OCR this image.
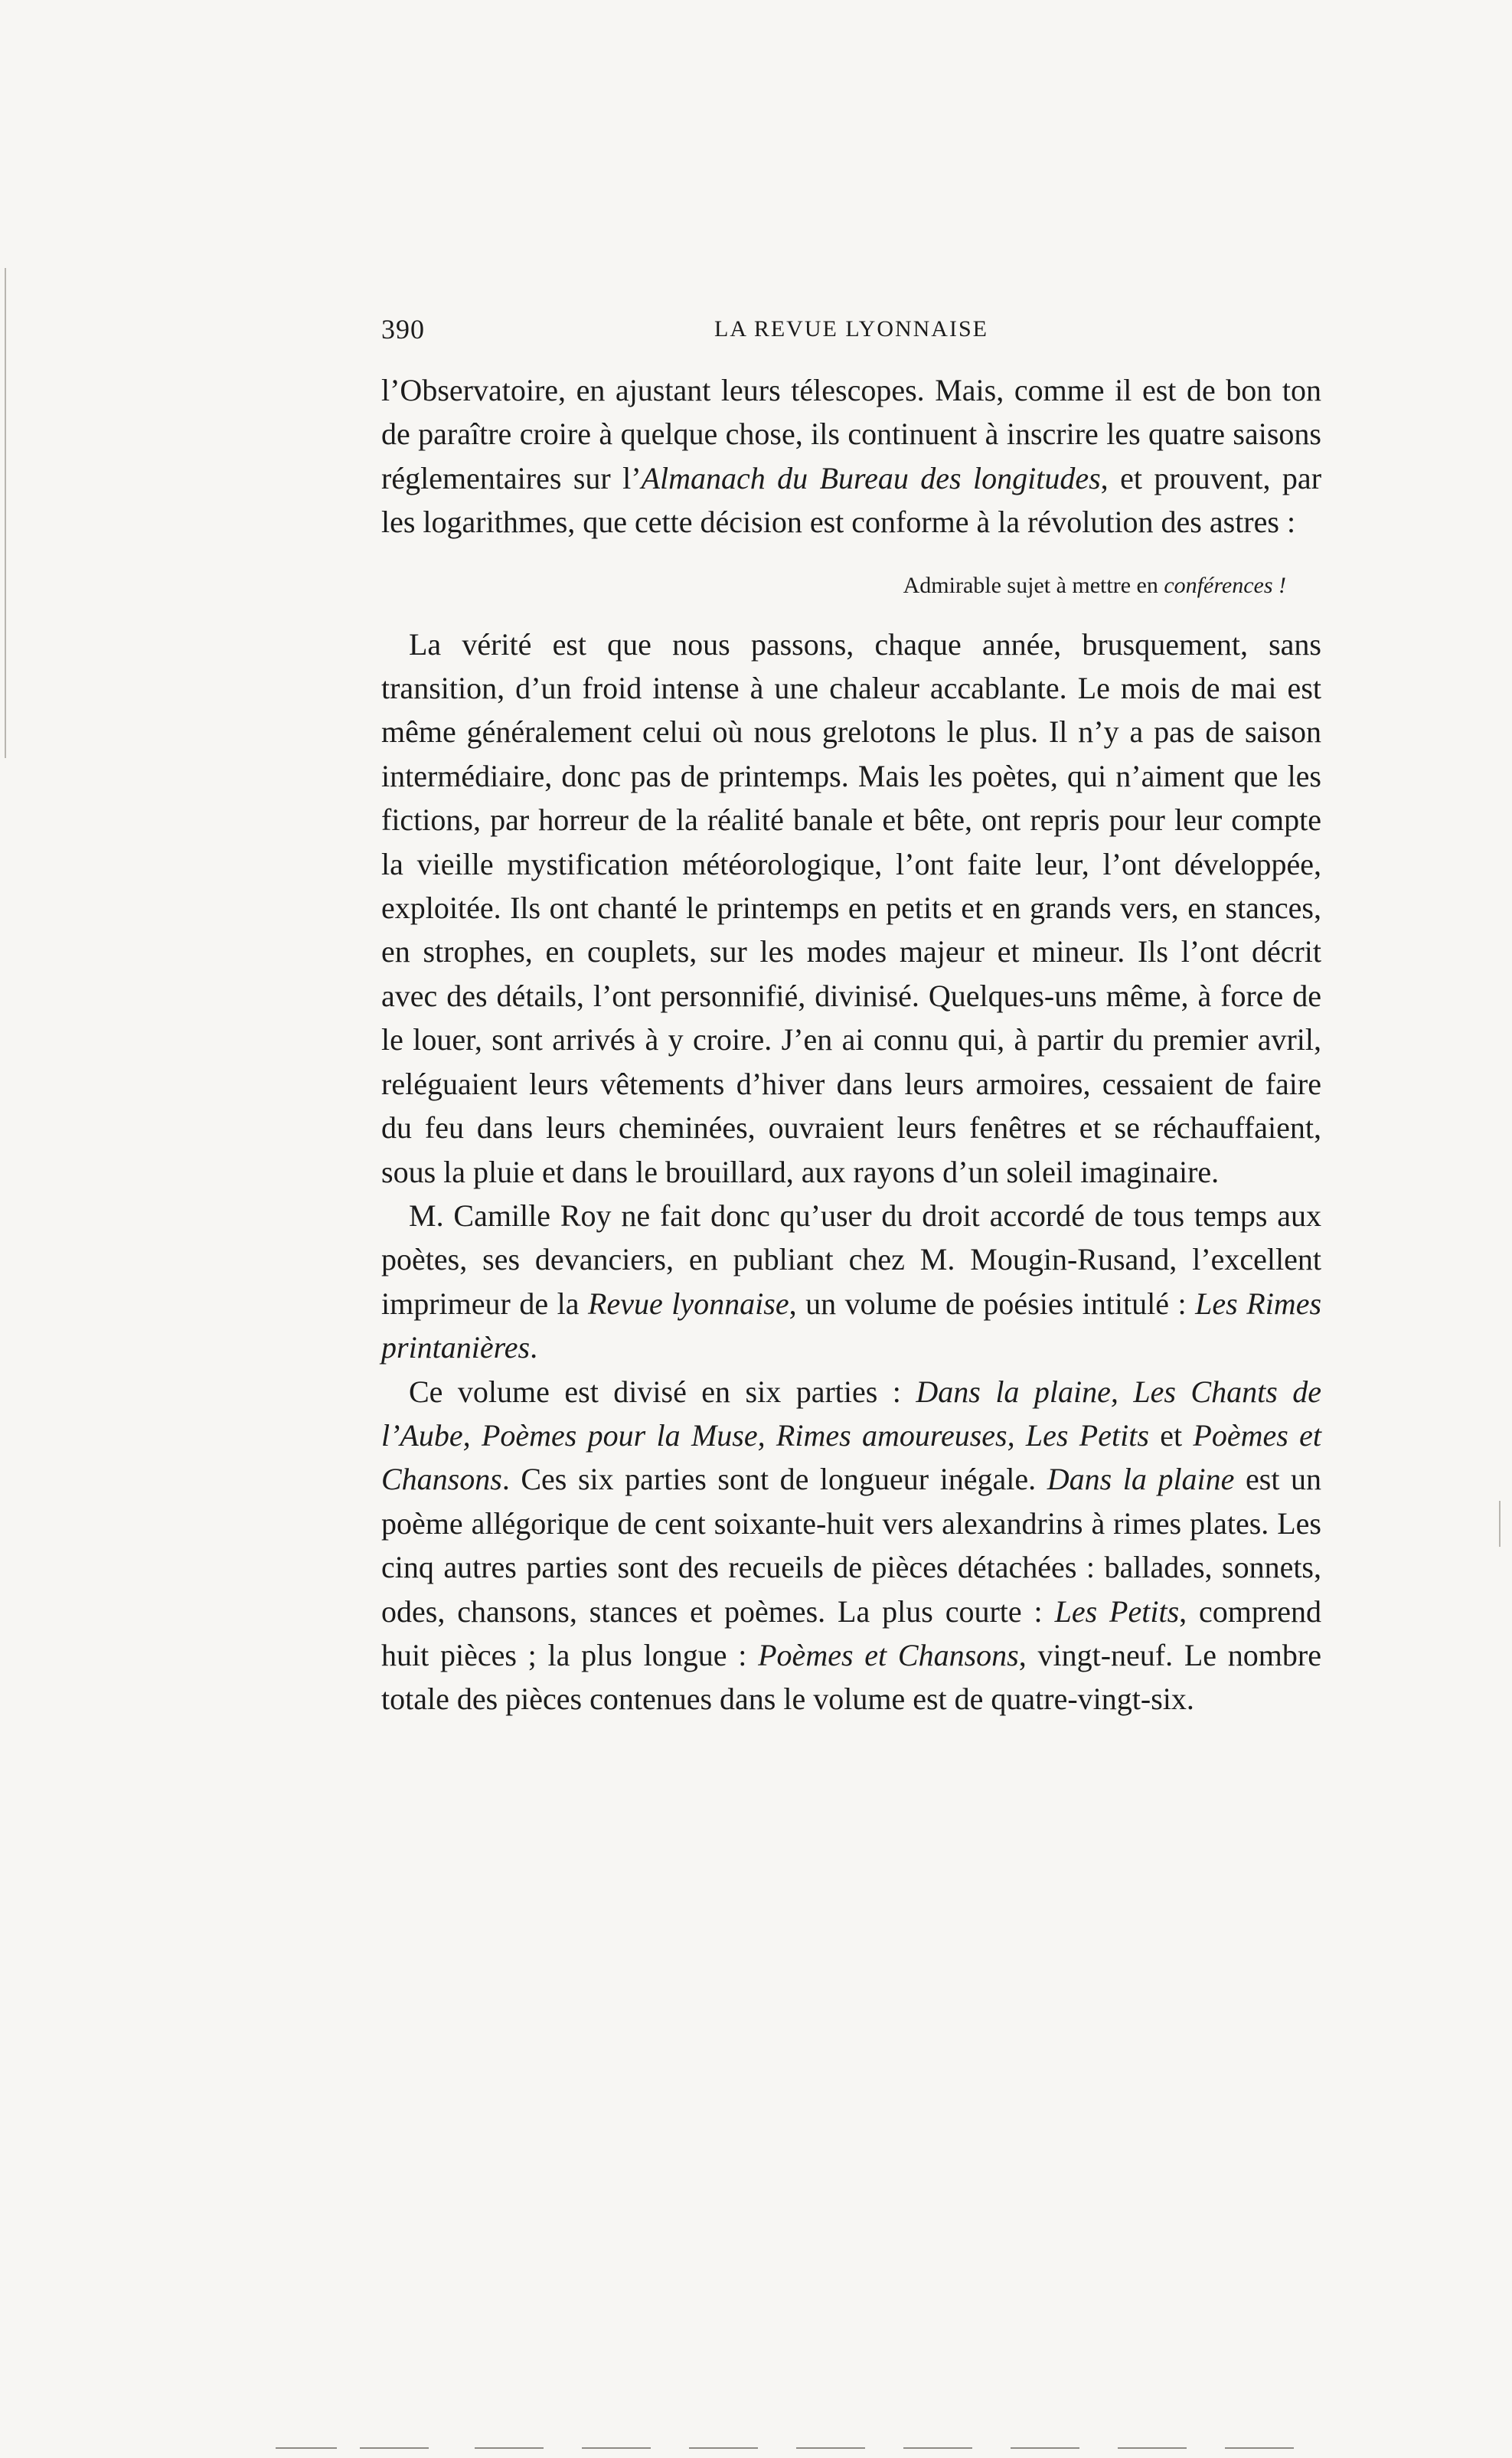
390	LA REVUE LYONNAISE

l’Observatoire, en ajustant leurs télescopes. Mais, comme il est de bon ton de paraître croire à quelque chose, ils continuent à inscrire les quatre saisons réglementaires sur l’Almanach du Bureau des longitudes, et prouvent, par les logarithmes, que cette décision est conforme à la révolution des astres :

Admirable sujet à mettre en conférences !

La vérité est que nous passons, chaque année, brusquement, sans transition, d’un froid intense à une chaleur accablante. Le mois de mai est même généralement celui où nous grelotons le plus. Il n’y a pas de saison intermédiaire, donc pas de printemps. Mais les poètes, qui n’aiment que les fictions, par horreur de la réalité banale et bête, ont repris pour leur compte la vieille mystification météorologique, l’ont faite leur, l’ont développée, exploitée. Ils ont chanté le printemps en petits et en grands vers, en stances, en strophes, en couplets, sur les modes majeur et mineur. Ils l’ont décrit avec des détails, l’ont personnifié, divinisé. Quelques-uns même, à force de le louer, sont arrivés à y croire. J’en ai connu qui, à partir du premier avril, reléguaient leurs vêtements d’hiver dans leurs armoires, cessaient de faire du feu dans leurs cheminées, ouvraient leurs fenêtres et se réchauffaient, sous la pluie et dans le brouillard, aux rayons d’un soleil imaginaire.

M. Camille Roy ne fait donc qu’user du droit accordé de tous temps aux poètes, ses devanciers, en publiant chez M. Mougin-Rusand, l’excellent imprimeur de la Revue lyonnaise, un volume de poésies intitulé : Les Rimes printanières.

Ce volume est divisé en six parties : Dans la plaine, Les Chants de l’Aube, Poèmes pour la Muse, Rimes amoureuses, Les Petits et Poèmes et Chansons. Ces six parties sont de longueur inégale. Dans la plaine est un poème allégorique de cent soixante-huit vers alexandrins à rimes plates. Les cinq autres parties sont des recueils de pièces détachées : ballades, sonnets, odes, chansons, stances et poèmes. La plus courte : Les Petits, comprend huit pièces ; la plus longue : Poèmes et Chansons, vingt-neuf. Le nombre totale des pièces contenues dans le volume est de quatre-vingt-six.
